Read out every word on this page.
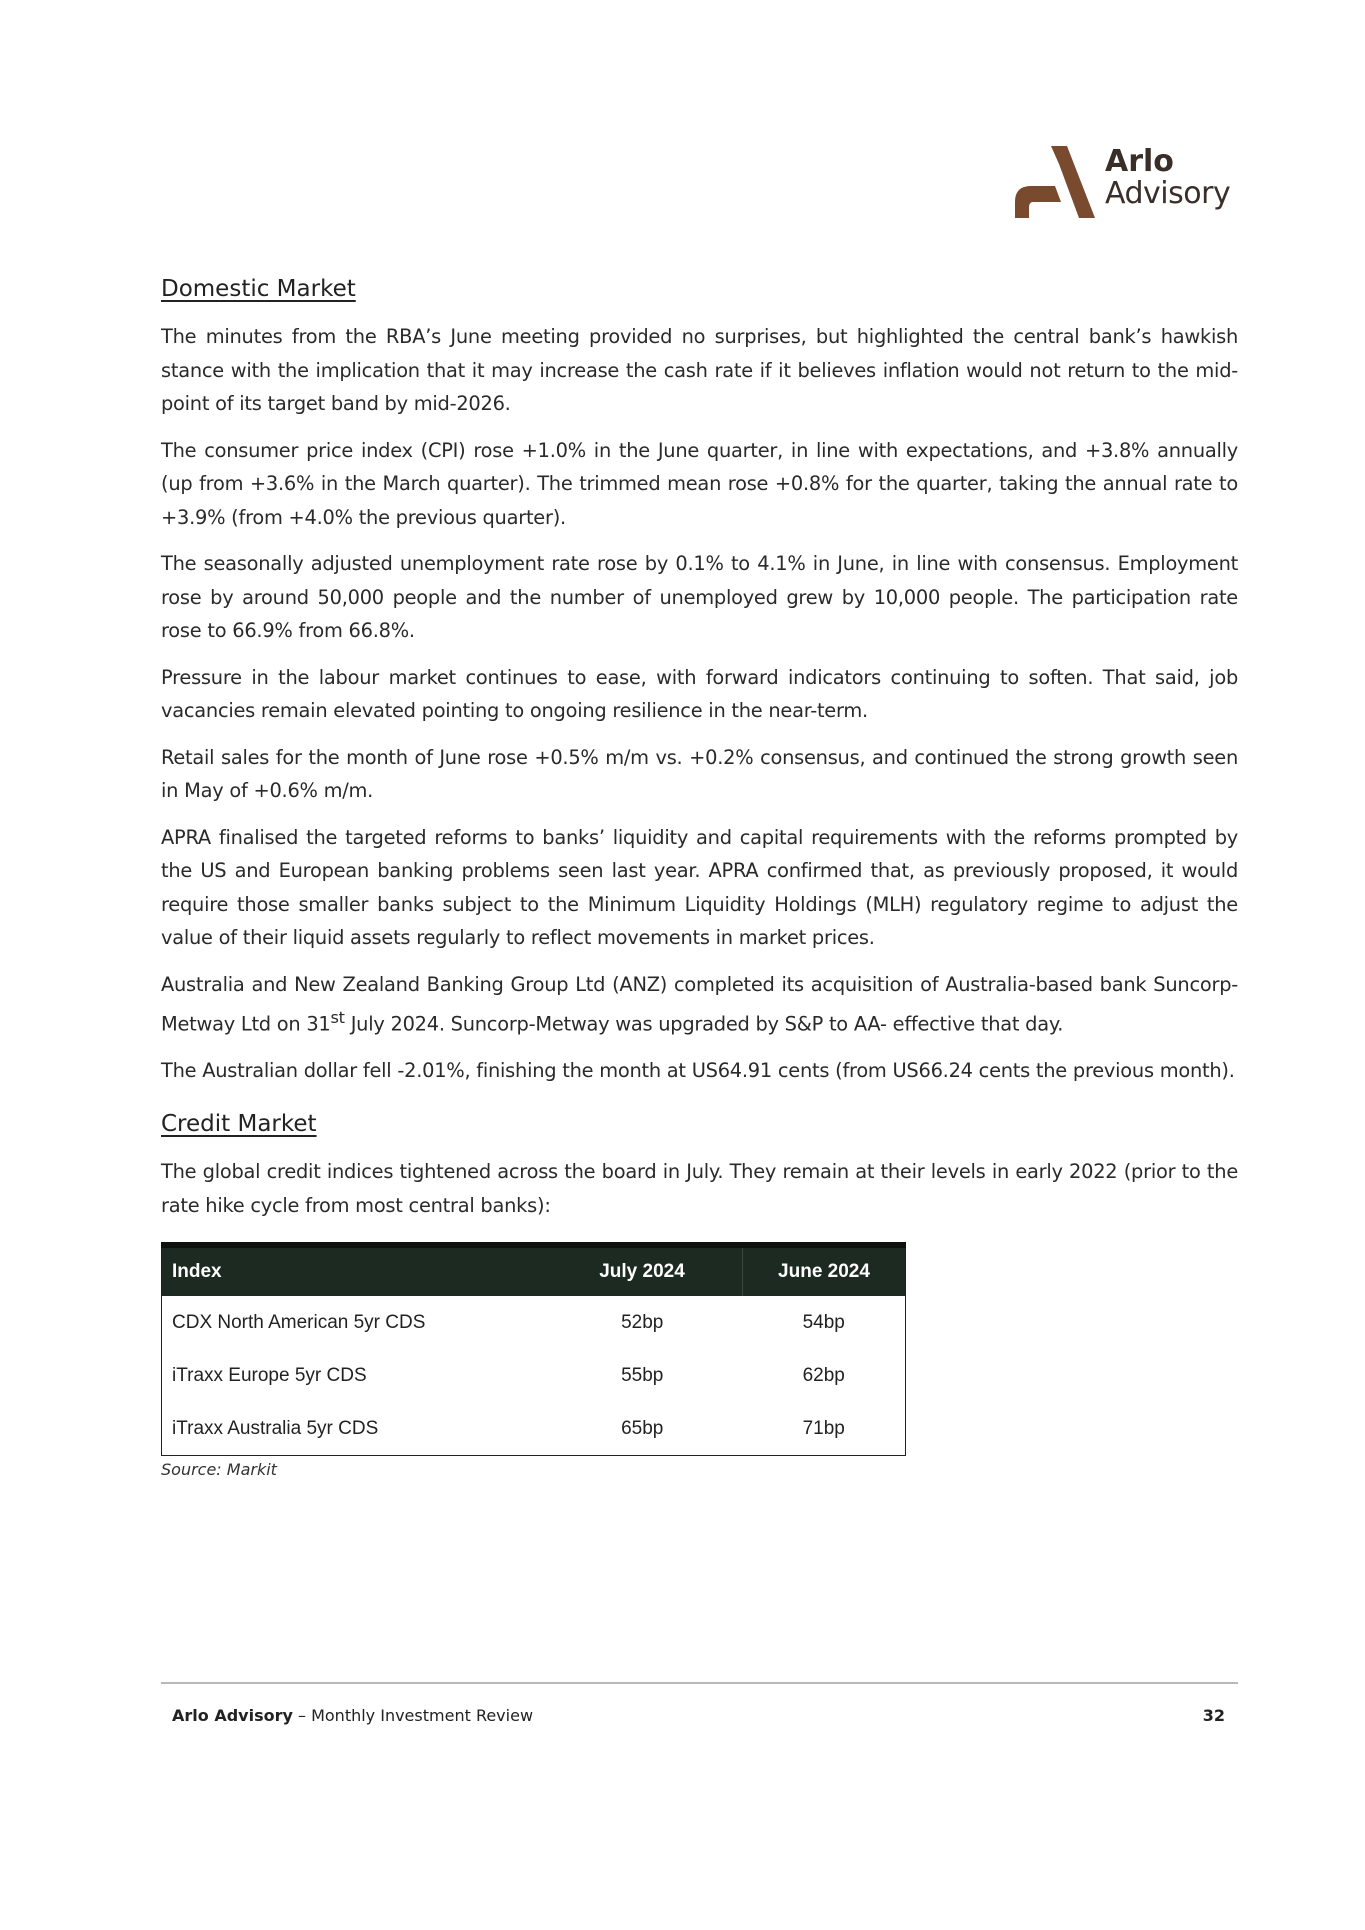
Arlo
Advisory
Domestic Market

The minutes from the RBA’s June meeting provided no surprises, but highlighted the central bank’s hawkish stance with the implication that it may increase the cash rate if it believes inflation would not return to the mid-point of its target band by mid-2026.

The consumer price index (CPI) rose +1.0% in the June quarter, in line with expectations, and +3.8% annually (up from +3.6% in the March quarter). The trimmed mean rose +0.8% for the quarter, taking the annual rate to +3.9% (from +4.0% the previous quarter).

The seasonally adjusted unemployment rate rose by 0.1% to 4.1% in June, in line with consensus. Employment rose by around 50,000 people and the number of unemployed grew by 10,000 people. The participation rate rose to 66.9% from 66.8%.

Pressure in the labour market continues to ease, with forward indicators continuing to soften. That said, job vacancies remain elevated pointing to ongoing resilience in the near-term.

Retail sales for the month of June rose +0.5% m/m vs. +0.2% consensus, and continued the strong growth seen in May of +0.6% m/m.

APRA finalised the targeted reforms to banks’ liquidity and capital requirements with the reforms prompted by the US and European banking problems seen last year. APRA confirmed that, as previously proposed, it would require those smaller banks subject to the Minimum Liquidity Holdings (MLH) regulatory regime to adjust the value of their liquid assets regularly to reflect movements in market prices.

Australia and New Zealand Banking Group Ltd (ANZ) completed its acquisition of Australia-based bank Suncorp-Metway Ltd on 31st July 2024. Suncorp-Metway was upgraded by S&P to AA- effective that day.

The Australian dollar fell -2.01%, finishing the month at US64.91 cents (from US66.24 cents the previous month).

Credit Market

The global credit indices tightened across the board in July. They remain at their levels in early 2022 (prior to the rate hike cycle from most central banks):

Index	July 2024	June 2024
CDX North American 5yr CDS	52bp	54bp
iTraxx Europe 5yr CDS	55bp	62bp
iTraxx Australia 5yr CDS	65bp	71bp
Source: Markit
Arlo Advisory – Monthly Investment Review	32
